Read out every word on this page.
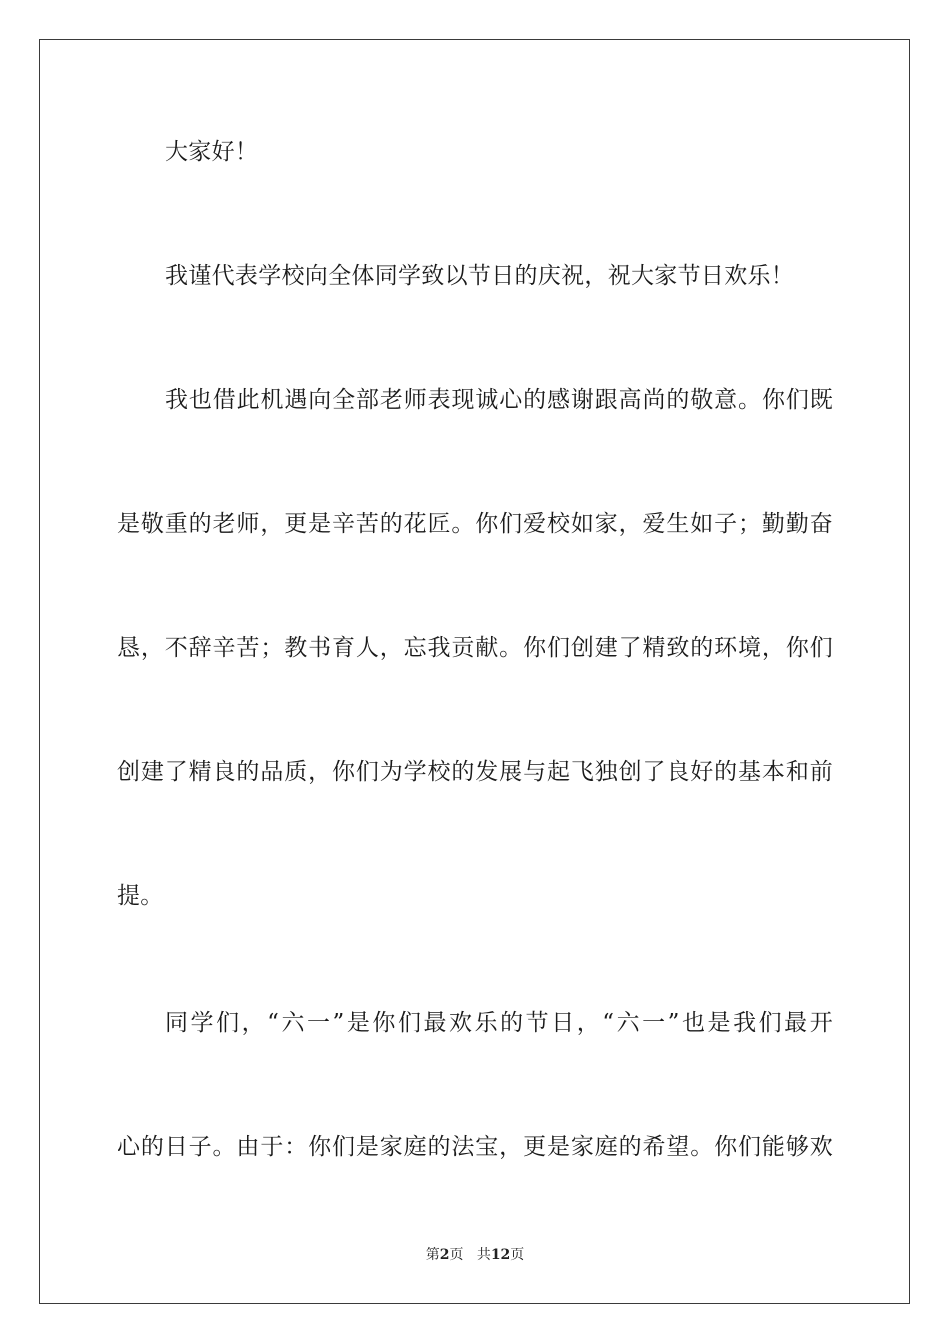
大家好！
我谨代表学校向全体同学致以节日的庆祝，祝大家节日欢乐！
我也借此机遇向全部老师表现诚心的感谢跟高尚的敬意。你们既
是敬重的老师，更是辛苦的花匠。你们爱校如家，爱生如子；勤勤奋
恳，不辞辛苦；教书育人，忘我贡献。你们创建了精致的环境，你们
创建了精良的品质，你们为学校的发展与起飞独创了良好的基本和前
提。
同学们，“六一”是你们最欢乐的节日，“六一”也是我们最开
心的日子。由于：你们是家庭的法宝，更是家庭的希望。你们能够欢
第2页 共12页
